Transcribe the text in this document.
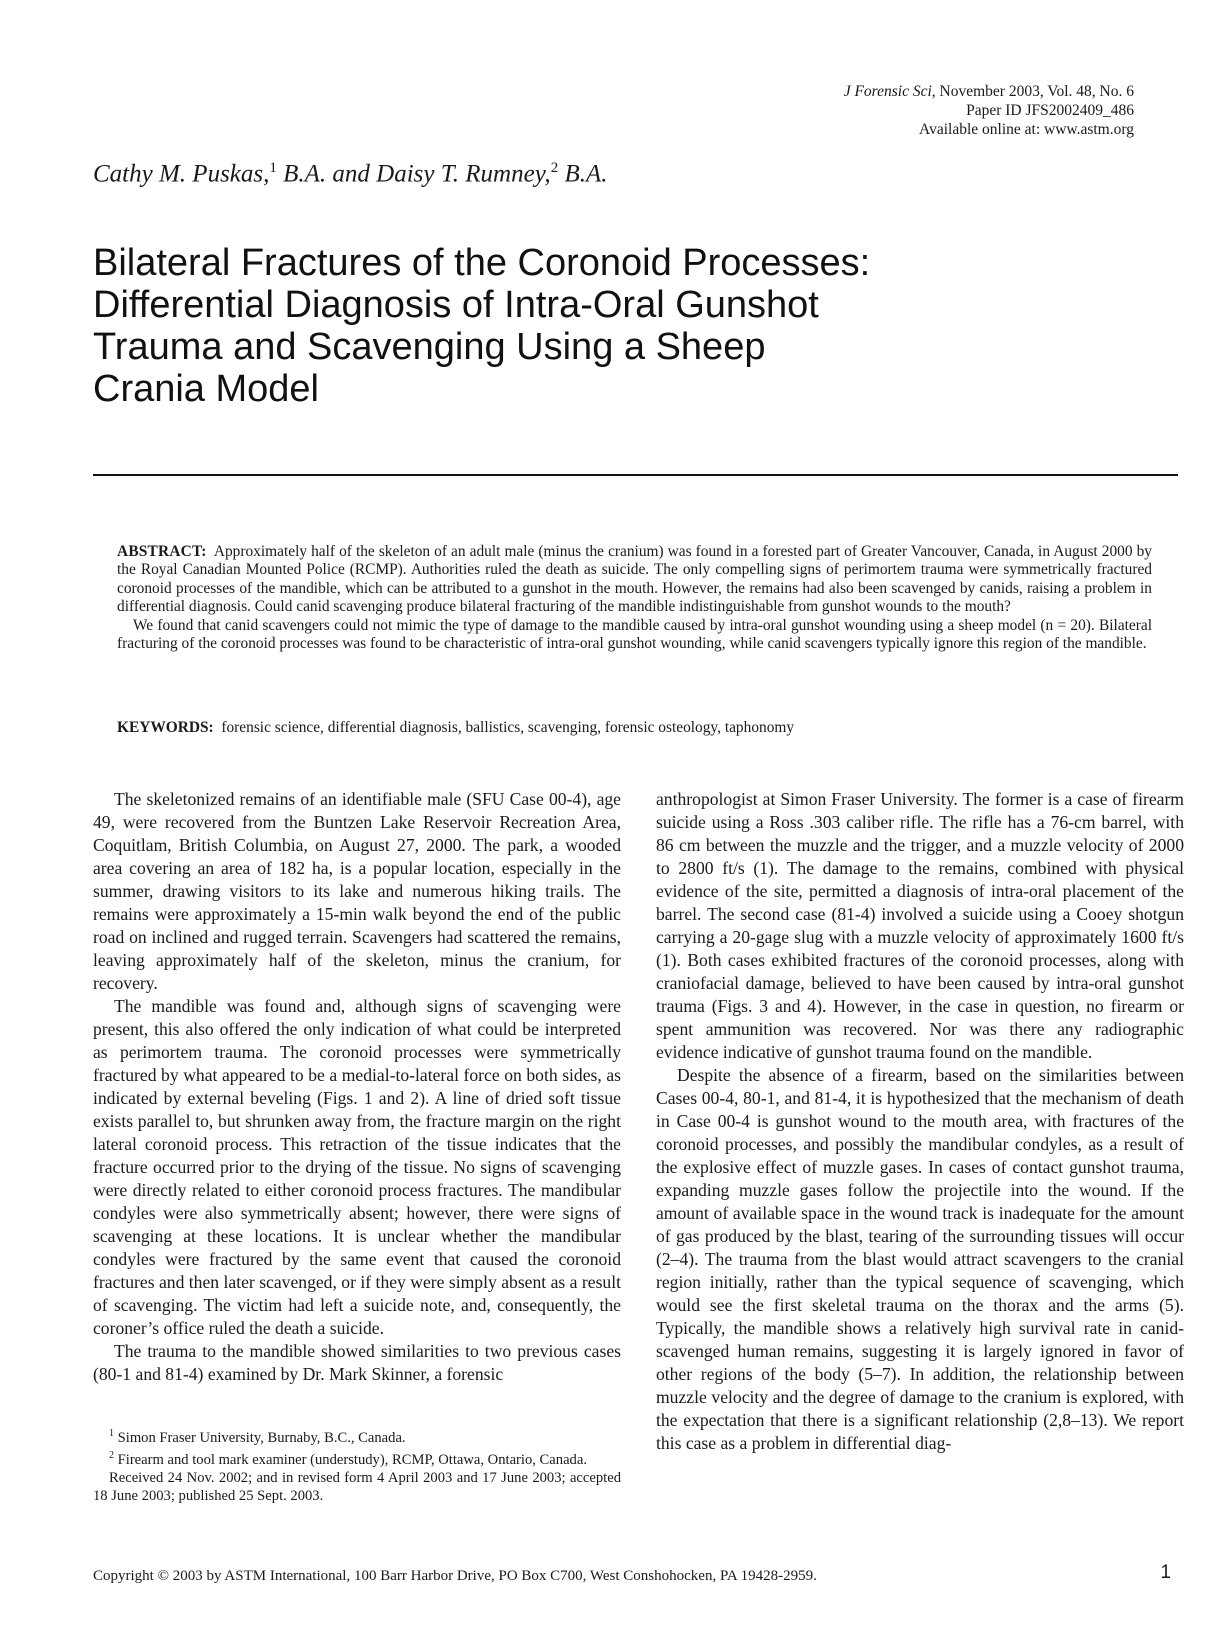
J Forensic Sci, November 2003, Vol. 48, No. 6
Paper ID JFS2002409_486
Available online at: www.astm.org
Cathy M. Puskas,$^1$ B.A. and Daisy T. Rumney,$^2$ B.A.
Bilateral Fractures of the Coronoid Processes:
Differential Diagnosis of Intra-Oral Gunshot
Trauma and Scavenging Using a Sheep
Crania Model

ABSTRACT: Approximately half of the skeleton of an adult male (minus the cranium) was found in a forested part of Greater Vancouver, Canada, in August 2000 by the Royal Canadian Mounted Police (RCMP). Authorities ruled the death as suicide. The only compelling signs of perimortem trauma were symmetrically fractured coronoid processes of the mandible, which can be attributed to a gunshot in the mouth. However, the remains had also been scavenged by canids, raising a problem in differential diagnosis. Could canid scavenging produce bilateral fracturing of the mandible indistinguishable from gunshot wounds to the mouth?

We found that canid scavengers could not mimic the type of damage to the mandible caused by intra-oral gunshot wounding using a sheep model (n = 20). Bilateral fracturing of the coronoid processes was found to be characteristic of intra-oral gunshot wounding, while canid scavengers typically ignore this region of the mandible.

KEYWORDS: forensic science, differential diagnosis, ballistics, scavenging, forensic osteology, taphonomy

The skeletonized remains of an identifiable male (SFU Case 00-4), age 49, were recovered from the Buntzen Lake Reservoir Recreation Area, Coquitlam, British Columbia, on August 27, 2000. The park, a wooded area covering an area of 182 ha, is a popular location, especially in the summer, drawing visitors to its lake and numerous hiking trails. The remains were approximately a 15-min walk beyond the end of the public road on inclined and rugged terrain. Scavengers had scattered the remains, leaving approximately half of the skeleton, minus the cranium, for recovery.

The mandible was found and, although signs of scavenging were present, this also offered the only indication of what could be interpreted as perimortem trauma. The coronoid processes were symmetrically fractured by what appeared to be a medial-to-lateral force on both sides, as indicated by external beveling (Figs. 1 and 2). A line of dried soft tissue exists parallel to, but shrunken away from, the fracture margin on the right lateral coronoid process. This retraction of the tissue indicates that the fracture occurred prior to the drying of the tissue. No signs of scavenging were directly related to either coronoid process fractures. The mandibular condyles were also symmetrically absent; however, there were signs of scavenging at these locations. It is unclear whether the mandibular condyles were fractured by the same event that caused the coronoid fractures and then later scavenged, or if they were simply absent as a result of scavenging. The victim had left a suicide note, and, consequently, the coroner’s office ruled the death a suicide.

The trauma to the mandible showed similarities to two previous cases (80-1 and 81-4) examined by Dr. Mark Skinner, a forensic

$^1$ Simon Fraser University, Burnaby, B.C., Canada.

$^2$ Firearm and tool mark examiner (understudy), RCMP, Ottawa, Ontario, Canada.

Received 24 Nov. 2002; and in revised form 4 April 2003 and 17 June 2003; accepted 18 June 2003; published 25 Sept. 2003.

anthropologist at Simon Fraser University. The former is a case of firearm suicide using a Ross .303 caliber rifle. The rifle has a 76-cm barrel, with 86 cm between the muzzle and the trigger, and a muzzle velocity of 2000 to 2800 ft/s (1). The damage to the remains, combined with physical evidence of the site, permitted a diagnosis of intra-oral placement of the barrel. The second case (81-4) involved a suicide using a Cooey shotgun carrying a 20-gage slug with a muzzle velocity of approximately 1600 ft/s (1). Both cases exhibited fractures of the coronoid processes, along with craniofacial damage, believed to have been caused by intra-oral gunshot trauma (Figs. 3 and 4). However, in the case in question, no firearm or spent ammunition was recovered. Nor was there any radiographic evidence indicative of gunshot trauma found on the mandible.

Despite the absence of a firearm, based on the similarities between Cases 00-4, 80-1, and 81-4, it is hypothesized that the mechanism of death in Case 00-4 is gunshot wound to the mouth area, with fractures of the coronoid processes, and possibly the mandibular condyles, as a result of the explosive effect of muzzle gases. In cases of contact gunshot trauma, expanding muzzle gases follow the projectile into the wound. If the amount of available space in the wound track is inadequate for the amount of gas produced by the blast, tearing of the surrounding tissues will occur (2–4). The trauma from the blast would attract scavengers to the cranial region initially, rather than the typical sequence of scavenging, which would see the first skeletal trauma on the thorax and the arms (5). Typically, the mandible shows a relatively high survival rate in canid-scavenged human remains, suggesting it is largely ignored in favor of other regions of the body (5–7). In addition, the relationship between muzzle velocity and the degree of damage to the cranium is explored, with the expectation that there is a significant relationship (2,8–13). We report this case as a problem in differential diag-

Copyright © 2003 by ASTM International, 100 Barr Harbor Drive, PO Box C700, West Conshohocken, PA 19428-2959.	1
